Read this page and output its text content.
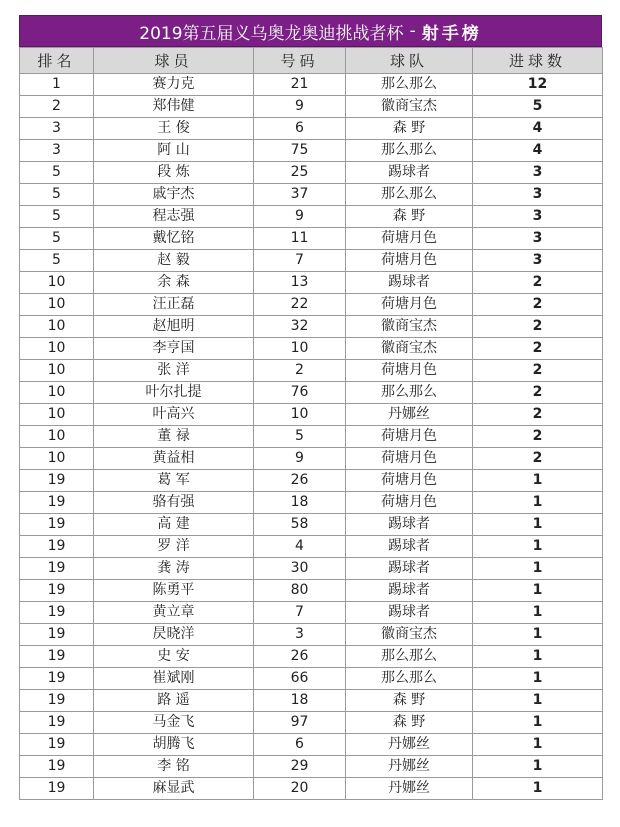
2019第五届义乌奥龙奥迪挑战者杯 - 射手榜
排名	球员	号码	球队	进球数
1	赛力克	21	那么那么	12
2	郑伟健	9	徽商宝杰	5
3	王 俊	6	森 野	4
3	阿 山	75	那么那么	4
5	段 炼	25	踢球者	3
5	戚宇杰	37	那么那么	3
5	程志强	9	森 野	3
5	戴忆铭	11	荷塘月色	3
5	赵 毅	7	荷塘月色	3
10	余 森	13	踢球者	2
10	汪正磊	22	荷塘月色	2
10	赵旭明	32	徽商宝杰	2
10	李亨国	10	徽商宝杰	2
10	张 洋	2	荷塘月色	2
10	叶尔扎提	76	那么那么	2
10	叶高兴	10	丹娜丝	2
10	董 禄	5	荷塘月色	2
10	黄益相	9	荷塘月色	2
19	葛 军	26	荷塘月色	1
19	骆有强	18	荷塘月色	1
19	高 建	58	踢球者	1
19	罗 洋	4	踢球者	1
19	龚 涛	30	踢球者	1
19	陈勇平	80	踢球者	1
19	黄立章	7	踢球者	1
19	昃晓洋	3	徽商宝杰	1
19	史 安	26	那么那么	1
19	崔斌刚	66	那么那么	1
19	路 遥	18	森 野	1
19	马金飞	97	森 野	1
19	胡腾飞	6	丹娜丝	1
19	李 铭	29	丹娜丝	1
19	麻显武	20	丹娜丝	1
